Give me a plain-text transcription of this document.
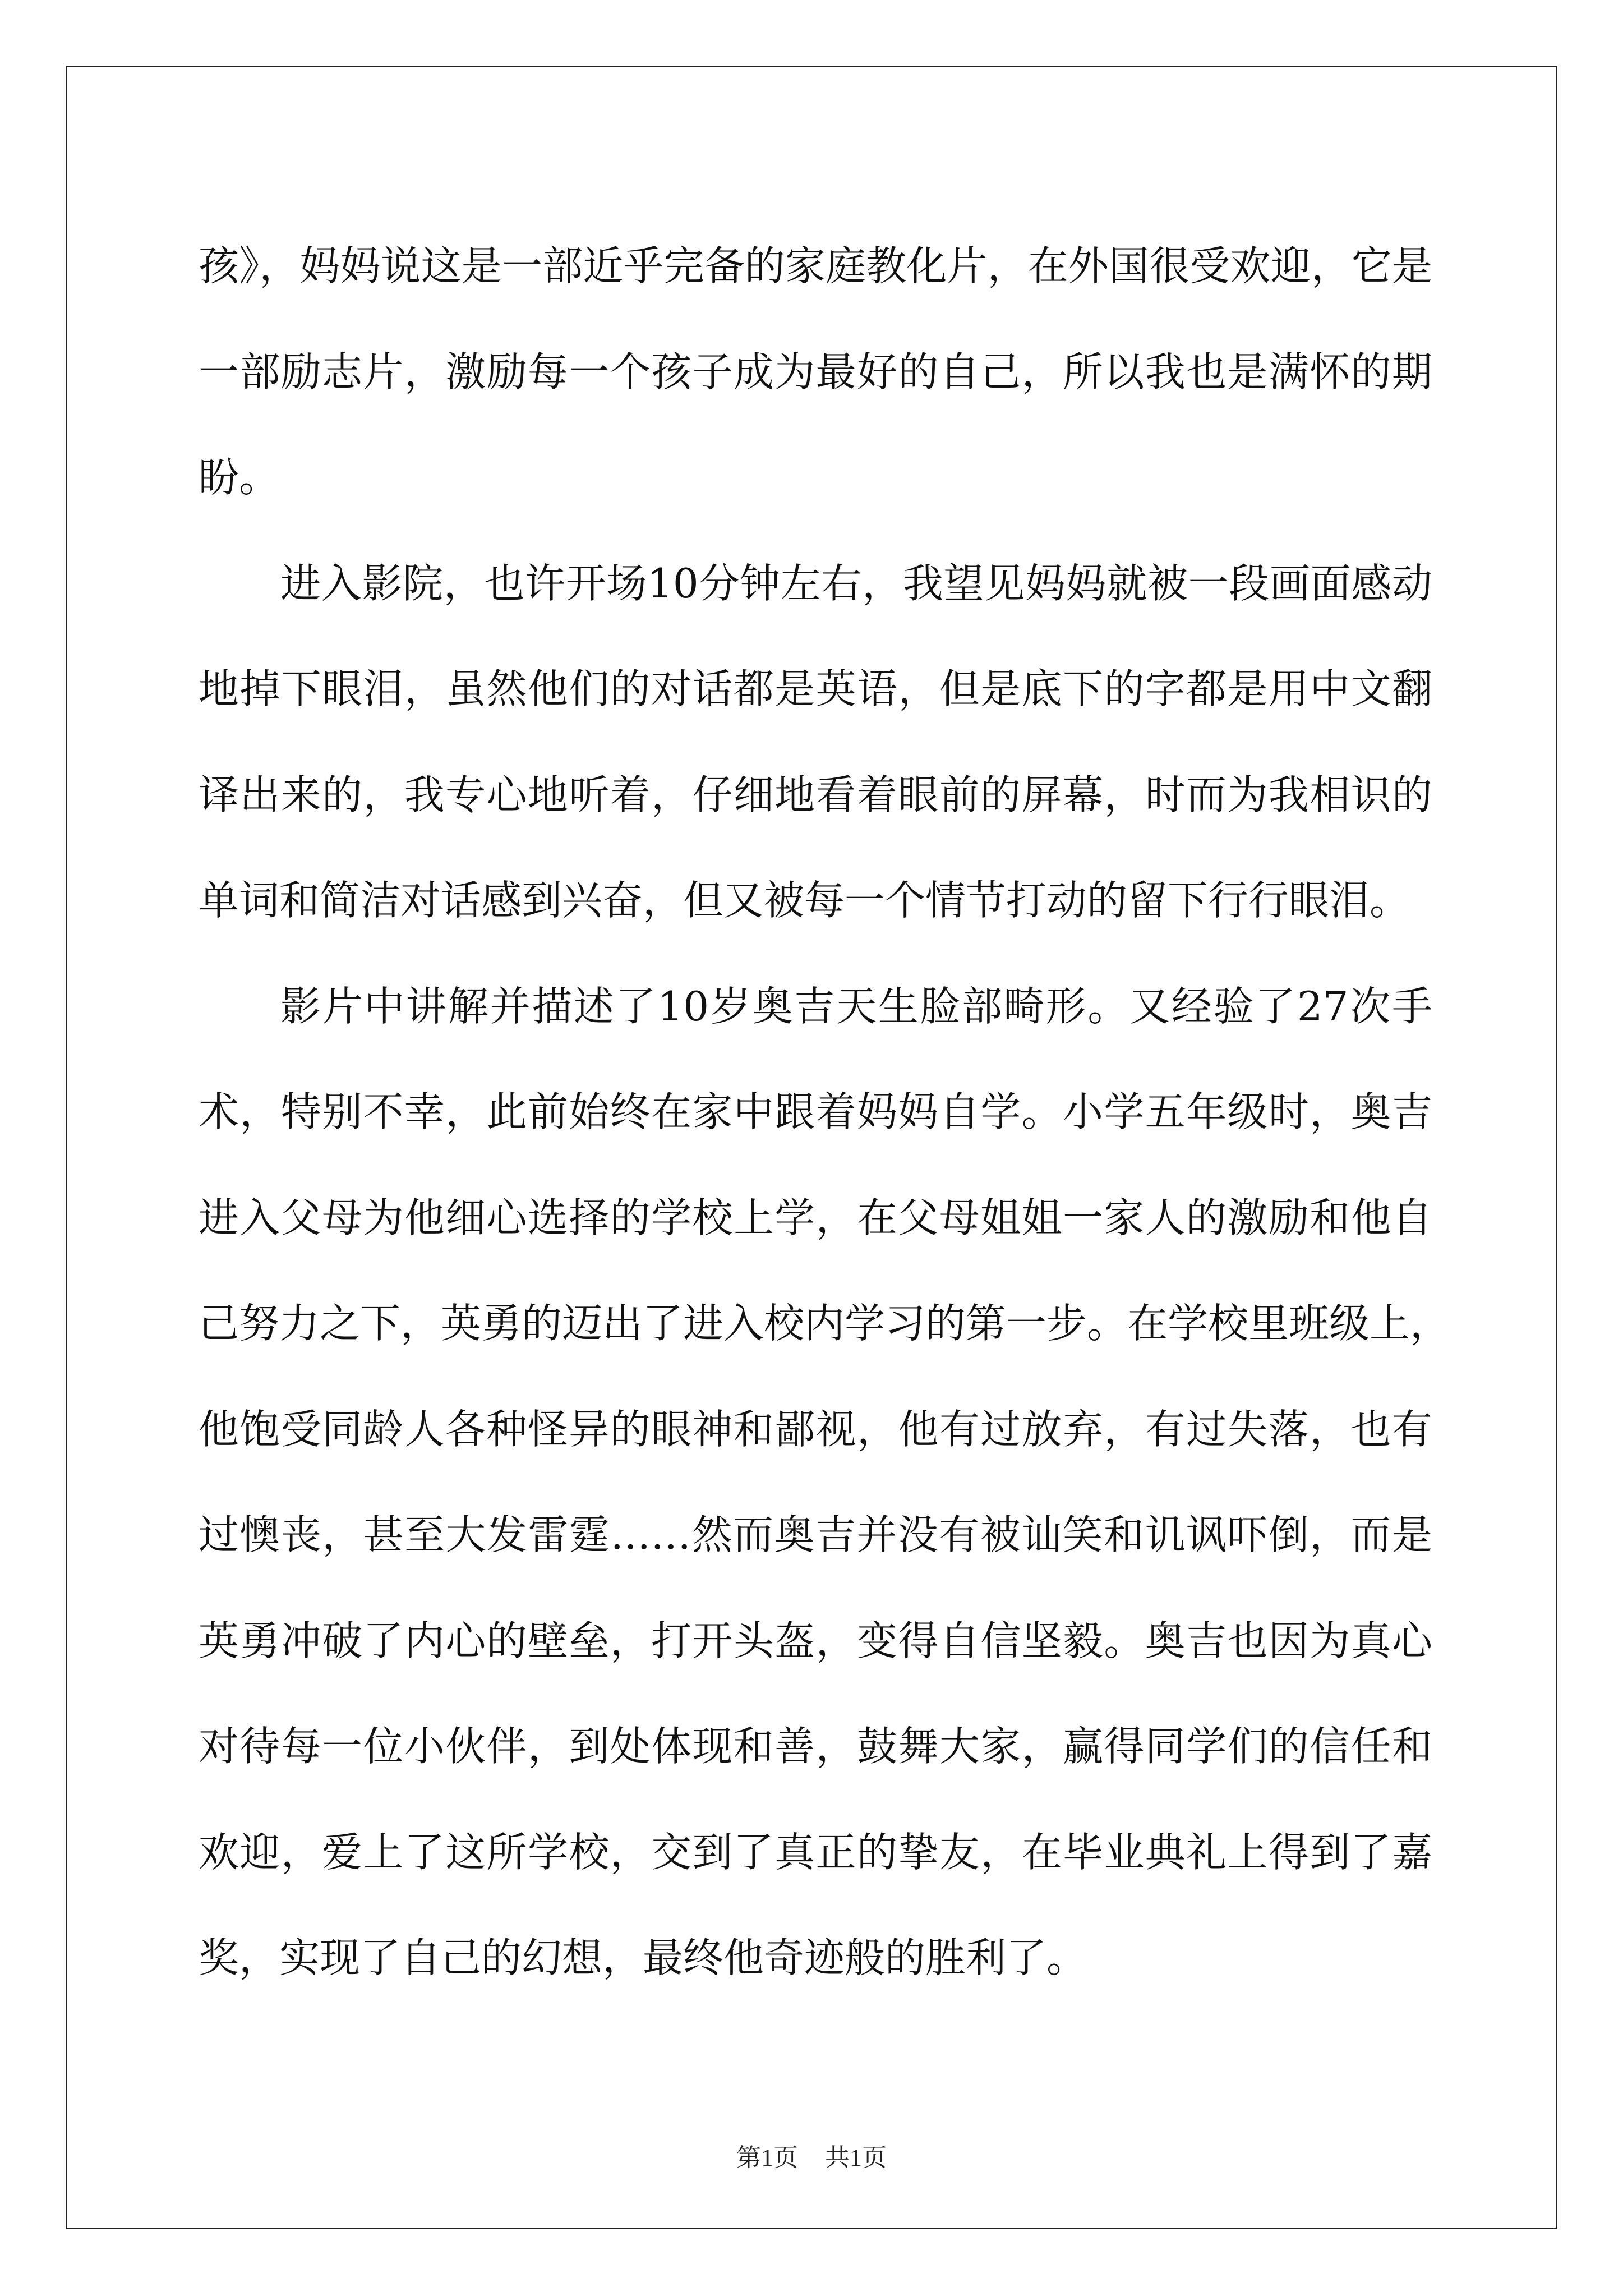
孩》，妈妈说这是一部近乎完备的家庭教化片，在外国很受欢迎，它是
一部励志片，激励每一个孩子成为最好的自己，所以我也是满怀的期
盼。
进入影院，也许开场10分钟左右，我望见妈妈就被一段画面感动
地掉下眼泪，虽然他们的对话都是英语，但是底下的字都是用中文翻
译出来的，我专心地听着，仔细地看着眼前的屏幕，时而为我相识的
单词和简洁对话感到兴奋，但又被每一个情节打动的留下行行眼泪。
影片中讲解并描述了10岁奥吉天生脸部畸形。又经验了27次手
术，特别不幸，此前始终在家中跟着妈妈自学。小学五年级时，奥吉
进入父母为他细心选择的学校上学，在父母姐姐一家人的激励和他自
己努力之下，英勇的迈出了进入校内学习的第一步。在学校里班级上，
他饱受同龄人各种怪异的眼神和鄙视，他有过放弃，有过失落，也有
过懊丧，甚至大发雷霆……然而奥吉并没有被讪笑和讥讽吓倒，而是
英勇冲破了内心的壁垒，打开头盔，变得自信坚毅。奥吉也因为真心
对待每一位小伙伴，到处体现和善，鼓舞大家，赢得同学们的信任和
欢迎，爱上了这所学校，交到了真正的挚友，在毕业典礼上得到了嘉
奖，实现了自己的幻想，最终他奇迹般的胜利了。
第1页 共1页
